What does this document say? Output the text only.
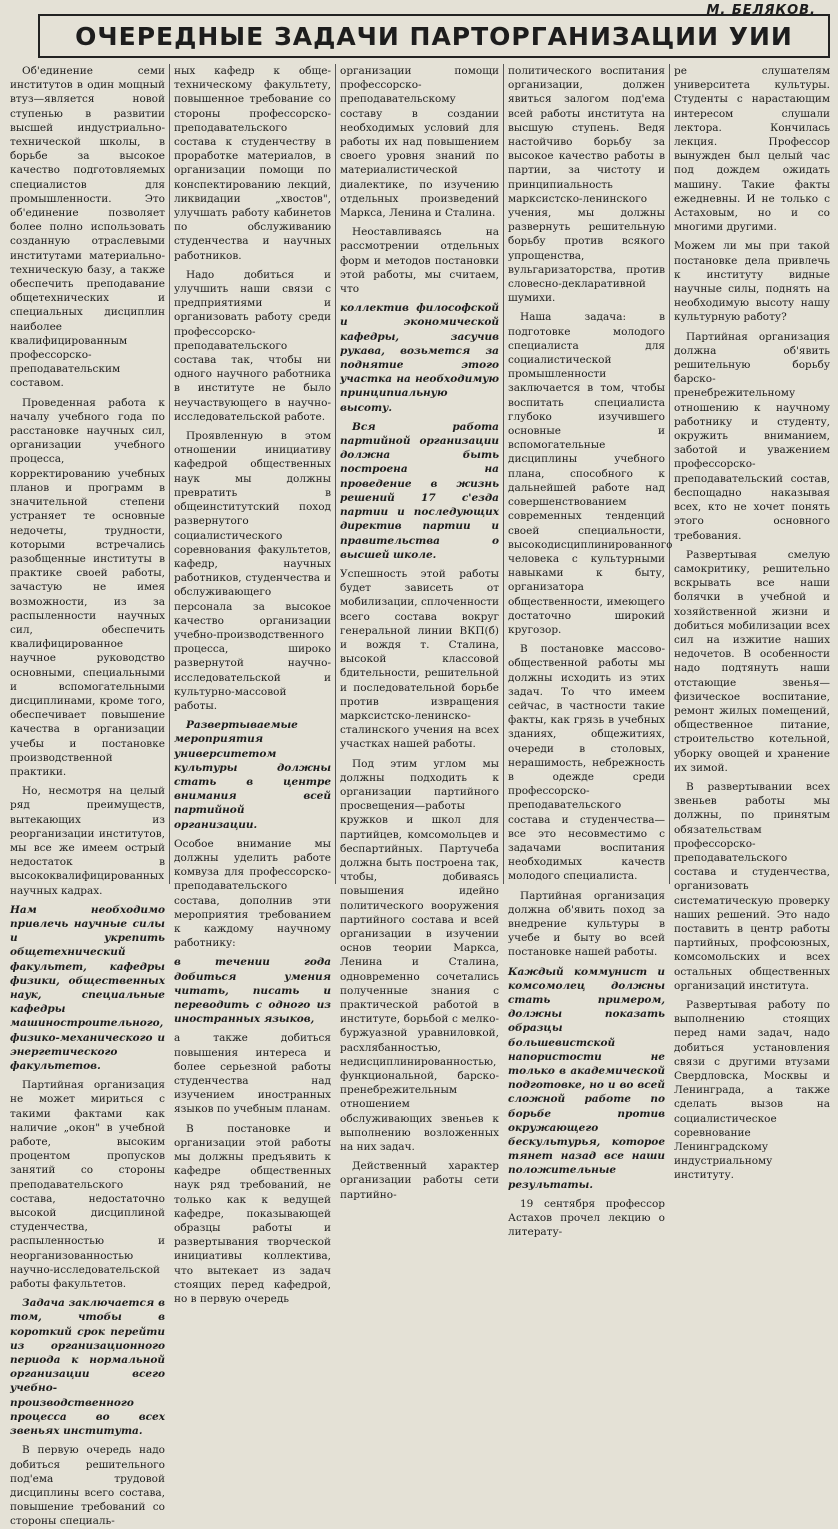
М. БЕЛЯКОВ.
ОЧЕРЕДНЫЕ ЗАДАЧИ ПАРТОРГАНИЗАЦИИ УИИ

Об'единение семи институтов в один мощный втуз—является новой ступенью в развитии высшей индустриально-технической школы, в борьбе за высокое качество подготовляемых специалистов для промышленности. Это об'единение позволяет более полно использовать созданную отраслевыми институтами материально-техническую базу, а также обеспечить преподавание общетехнических и специальных дисциплин наиболее квалифицированным профессорско-преподавательским составом.

Проведенная работа к началу учебного года по расстановке научных сил, организации учебного процесса, корректированию учебных планов и программ в значительной степени устраняет те основные недочеты, трудности, которыми встречались разобщенные институты в практике своей работы, зачастую не имея возможности, из за распыленности научных сил, обеспечить квалифицированное научное руководство основными, специальными и вспомогательными дисциплинами, кроме того, обеспечивает повышение качества в организации учебы и постановке производственной практики.

Но, несмотря на целый ряд преимуществ, вытекающих из реорганизации институтов, мы все же имеем острый недостаток в высококвалифицированных научных кадрах.

Нам необходимо привлечь научные силы и укрепить общетехнический факультет, кафедры физики, общественных наук, специальные кафедры машиностроительного, физико-механического и энергетического факультетов.

Партийная организация не может мириться с такими фактами как наличие „окон" в учебной работе, высоким процентом пропусков занятий со стороны преподавательского состава, недостаточно высокой дисциплиной студенчества, распыленностью и неорганизованностью научно-исследовательской работы факультетов.

Задача заключается в том, чтобы в короткий срок перейти из организационного периода к нормальной организации всего учебно-производственного процесса во всех звеньях института.

В первую очередь надо добиться решительного под'ема трудовой дисциплины всего состава, повышение требований со стороны специаль-

ных кафедр к обще-техническому факультету, повышенное требование со стороны профессорско-преподавательского состава к студенчеству в проработке материалов, в организации помощи по конспектированию лекций, ликвидации „хвостов", улучшать работу кабинетов по обслуживанию студенчества и научных работников.

Надо добиться и улучшить наши связи с предприятиями и организовать работу среди профессорско-преподавательского состава так, чтобы ни одного научного работника в институте не было неучаствующего в научно-исследовательской работе.

Проявленную в этом отношении инициативу кафедрой общественных наук мы должны превратить в общеинститутский поход развернутого социалистического соревнования факультетов, кафедр, научных работников, студенчества и обслуживающего персонала за высокое качество организации учебно-производственного процесса, широко развернутой научно-исследовательской и культурно-массовой работы.

Развертываемые мероприятия университетом культуры должны стать в центре внимания всей партийной организации.

Особое внимание мы должны уделить работе комвуза для профессорско-преподавательского состава, дополнив эти мероприятия требованием к каждому научному работнику:

в течении года добиться умения читать, писать и переводить с одного из иностранных языков,

а также добиться повышения интереса и более серьезной работы студенчества над изучением иностранных языков по учебным планам.

В постановке и организации этой работы мы должны предъявить к кафедре общественных наук ряд требований, не только как к ведущей кафедре, показывающей образцы работы и развертывания творческой инициативы коллектива, что вытекает из задач стоящих перед кафедрой, но в первую очередь

организации помощи профессорско-преподавательскому составу в создании необходимых условий для работы их над повышением своего уровня знаний по материалистической диалектике, по изучению отдельных произведений Маркса, Ленина и Сталина.

Неоставливаясь на рассмотрении отдельных форм и методов постановки этой работы, мы считаем, что

коллектив философской и экономической кафедры, засучив рукава, возьмется за поднятие этого участка на необходимую принципиальную высоту.

Вся работа партийной организации должна быть построена на проведение в жизнь решений 17 с'езда партии и последующих директив партии и правительства о высшей школе.

Успешность этой работы будет зависеть от мобилизации, сплоченности всего состава вокруг генеральной линии ВКП(б) и вождя т. Сталина, высокой классовой бдительности, решительной и последовательной борьбе против извращения марксистско-ленинско-сталинского учения на всех участках нашей работы.

Под этим углом мы должны подходить к организации партийного просвещения—работы кружков и школ для партийцев, комсомольцев и беспартийных. Партучеба должна быть построена так, чтобы, добиваясь повышения идейно политического вооружения партийного состава и всей организации в изучении основ теории Маркса, Ленина и Сталина, одновременно сочетались полученные знания с практической работой в институте, борьбой с мелко-буржуазной уравниловкой, расхлябанностью, недисциплинированностью, функциональной, барско-пренебрежительным отношением обслуживающих звеньев к выполнению возложенных на них задач.

Действенный характер организации работы сети партийно-

политического воспитания организации, должен явиться залогом под'ема всей работы института на высшую ступень. Ведя настойчиво борьбу за высокое качество работы в партии, за чистоту и принципиальность марксистско-ленинского учения, мы должны развернуть решительную борьбу против всякого упрощенства, вульгаризаторства, против словесно-декларативной шумихи.

Наша задача: в подготовке молодого специалиста для социалистической промышленности заключается в том, чтобы воспитать специалиста глубоко изучившего основные и вспомогательные дисциплины учебного плана, способного к дальнейшей работе над совершенствованием современных тенденций своей специальности, высокодисциплинированного человека с культурными навыками к быту, организатора общественности, имеющего достаточно широкий кругозор.

В постановке массово-общественной работы мы должны исходить из этих задач. То что имеем сейчас, в частности такие факты, как грязь в учебных зданиях, общежитиях, очереди в столовых, нерашимость, небрежность в одежде среди профессорско-преподавательского состава и студенчества—все это несовместимо с задачами воспитания необходимых качеств молодого специалиста.

Партийная организация должна об'явить поход за внедрение культуры в учебе и быту во всей постановке нашей работы.

Каждый коммунист и комсомолец должны стать примером, должны показать образцы большевистской напористости не только в академической подготовке, но и во всей сложной работе по борьбе против окружающего бескультурья, которое тянет назад все наши положительные результаты.

19 сентября профессор Астахов прочел лекцию о литерату-

ре слушателям университета культуры. Студенты с нарастающим интересом слушали лектора. Кончилась лекция. Профессор вынужден был целый час под дождем ожидать машину. Такие факты ежедневны. И не только с Астаховым, но и со многими другими.

Можем ли мы при такой постановке дела привлечь к институту видные научные силы, поднять на необходимую высоту нашу культурную работу?

Партийная организация должна об'явить решительную борьбу барско-пренебрежительному отношению к научному работнику и студенту, окружить вниманием, заботой и уважением профессорско-преподавательский состав, беспощадно наказывая всех, кто не хочет понять этого основного требования.

Развертывая смелую самокритику, решительно вскрывать все наши болячки в учебной и хозяйственной жизни и добиться мобилизации всех сил на изжитие наших недочетов. В особенности надо подтянуть наши отстающие звенья—физическое воспитание, ремонт жилых помещений, общественное питание, строительство котельной, уборку овощей и хранение их зимой.

В развертывании всех звеньев работы мы должны, по принятым обязательствам профессорско-преподавательского состава и студенчества, организовать систематическую проверку наших решений. Это надо поставить в центр работы партийных, профсоюзных, комсомольских и всех остальных общественных организаций института.

Развертывая работу по выполнению стоящих перед нами задач, надо добиться установления связи с другими втузами Свердловска, Москвы и Ленинграда, а также сделать вызов на социалистическое соревнование Ленинградскому индустриальному институту.
